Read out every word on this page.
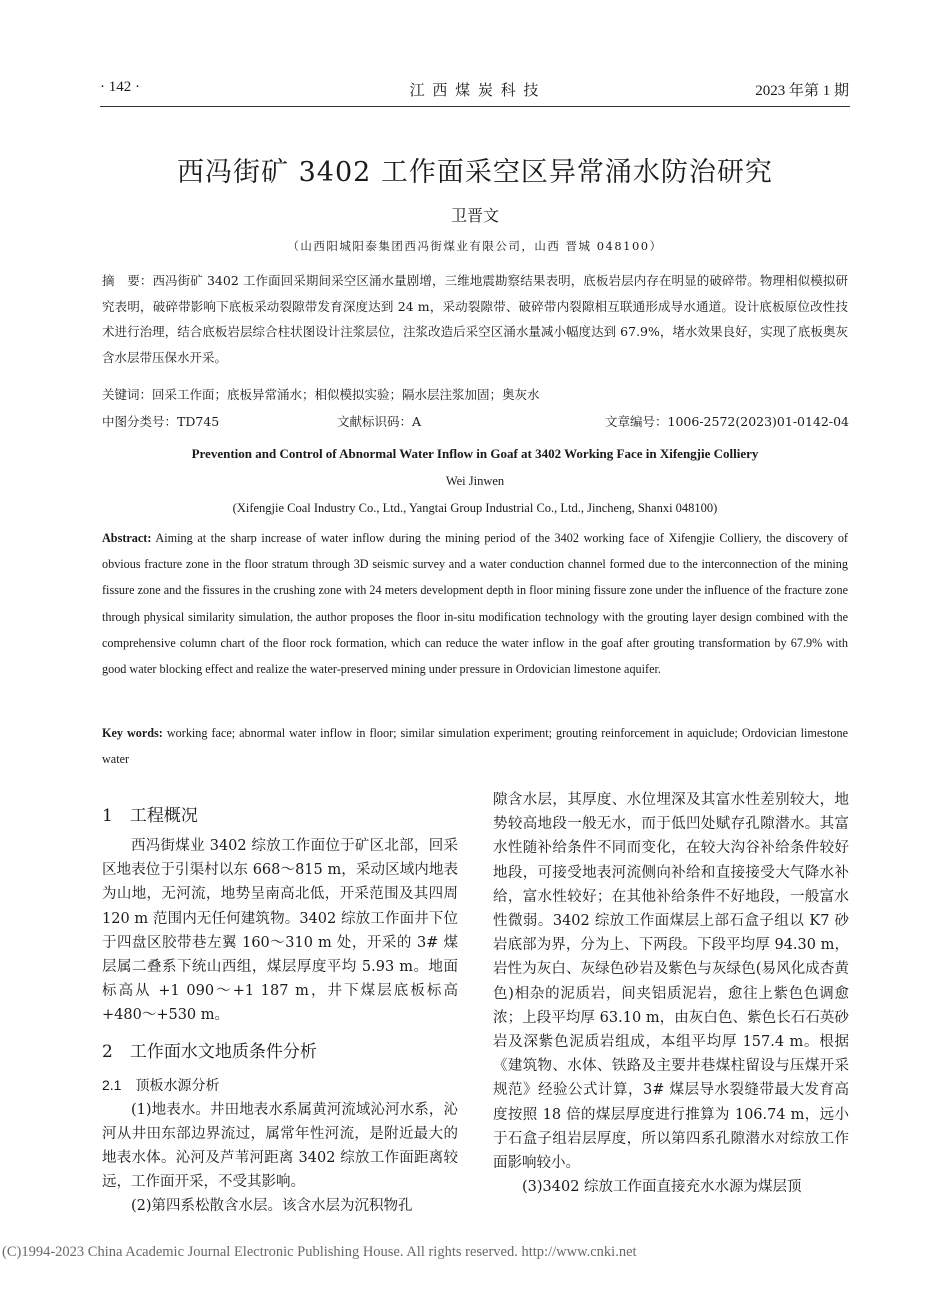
· 142 ·	江 西 煤 炭 科 技	2023 年第 1 期
西冯街矿 3402 工作面采空区异常涌水防治研究
卫晋文
（山西阳城阳泰集团西冯街煤业有限公司，山西 晋城 048100）

摘　要：西冯街矿 3402 工作面回采期间采空区涌水量剧增，三维地震勘察结果表明，底板岩层内存在明显的破碎带。物理相似模拟研究表明，破碎带影响下底板采动裂隙带发育深度达到 24 m，采动裂隙带、破碎带内裂隙相互联通形成导水通道。设计底板原位改性技术进行治理，结合底板岩层综合柱状图设计注浆层位，注浆改造后采空区涌水量减小幅度达到 67.9%，堵水效果良好，实现了底板奥灰含水层带压保水开采。

关键词：回采工作面；底板异常涌水；相似模拟实验；隔水层注浆加固；奥灰水

中图分类号：TD745	文献标识码：A	文章编号：1006-2572(2023)01-0142-04
Prevention and Control of Abnormal Water Inflow in Goaf at 3402 Working Face in Xifengjie Colliery
Wei Jinwen
(Xifengjie Coal Industry Co., Ltd., Yangtai Group Industrial Co., Ltd., Jincheng, Shanxi 048100)

Abstract: Aiming at the sharp increase of water inflow during the mining period of the 3402 working face of Xifengjie Colliery, the discovery of obvious fracture zone in the floor stratum through 3D seismic survey and a water conduction channel formed due to the interconnection of the mining fissure zone and the fissures in the crushing zone with 24 meters development depth in floor mining fissure zone under the influence of the fracture zone through physical similarity simulation, the author proposes the floor in-situ modification technology with the grouting layer design combined with the comprehensive column chart of the floor rock formation, which can reduce the water inflow in the goaf after grouting transformation by 67.9% with good water blocking effect and realize the water-preserved mining under pressure in Ordovician limestone aquifer.

Key words: working face; abnormal water inflow in floor; similar simulation experiment; grouting reinforcement in aquiclude; Ordovician limestone water

1　工程概况

西冯街煤业 3402 综放工作面位于矿区北部，回采区地表位于引渠村以东 668～815 m，采动区域内地表为山地，无河流，地势呈南高北低，开采范围及其四周 120 m 范围内无任何建筑物。3402 综放工作面井下位于四盘区胶带巷左翼 160～310 m 处，开采的 3# 煤层属二叠系下统山西组，煤层厚度平均 5.93 m。地面标高从 +1 090～+1 187 m，井下煤层底板标高 +480～+530 m。

2　工作面水文地质条件分析
2.1　顶板水源分析

(1)地表水。井田地表水系属黄河流域沁河水系，沁河从井田东部边界流过，属常年性河流，是附近最大的地表水体。沁河及芦苇河距离 3402 综放工作面距离较远，工作面开采，不受其影响。

(2)第四系松散含水层。该含水层为沉积物孔

隙含水层，其厚度、水位埋深及其富水性差别较大，地势较高地段一般无水，而于低凹处赋存孔隙潜水。其富水性随补给条件不同而变化，在较大沟谷补给条件较好地段，可接受地表河流侧向补给和直接接受大气降水补给，富水性较好；在其他补给条件不好地段，一般富水性微弱。3402 综放工作面煤层上部石盒子组以 K7 砂岩底部为界，分为上、下两段。下段平均厚 94.30 m，岩性为灰白、灰绿色砂岩及紫色与灰绿色(易风化成杏黄色)相杂的泥质岩，间夹铝质泥岩，愈往上紫色色调愈浓；上段平均厚 63.10 m，由灰白色、紫色长石石英砂岩及深紫色泥质岩组成，本组平均厚 157.4 m。根据《建筑物、水体、铁路及主要井巷煤柱留设与压煤开采规范》经验公式计算，3# 煤层导水裂缝带最大发育高度按照 18 倍的煤层厚度进行推算为 106.74 m，远小于石盒子组岩层厚度，所以第四系孔隙潜水对综放工作面影响较小。

(3)3402 综放工作面直接充水水源为煤层顶

(C)1994-2023 China Academic Journal Electronic Publishing House. All rights reserved. http://www.cnki.net
